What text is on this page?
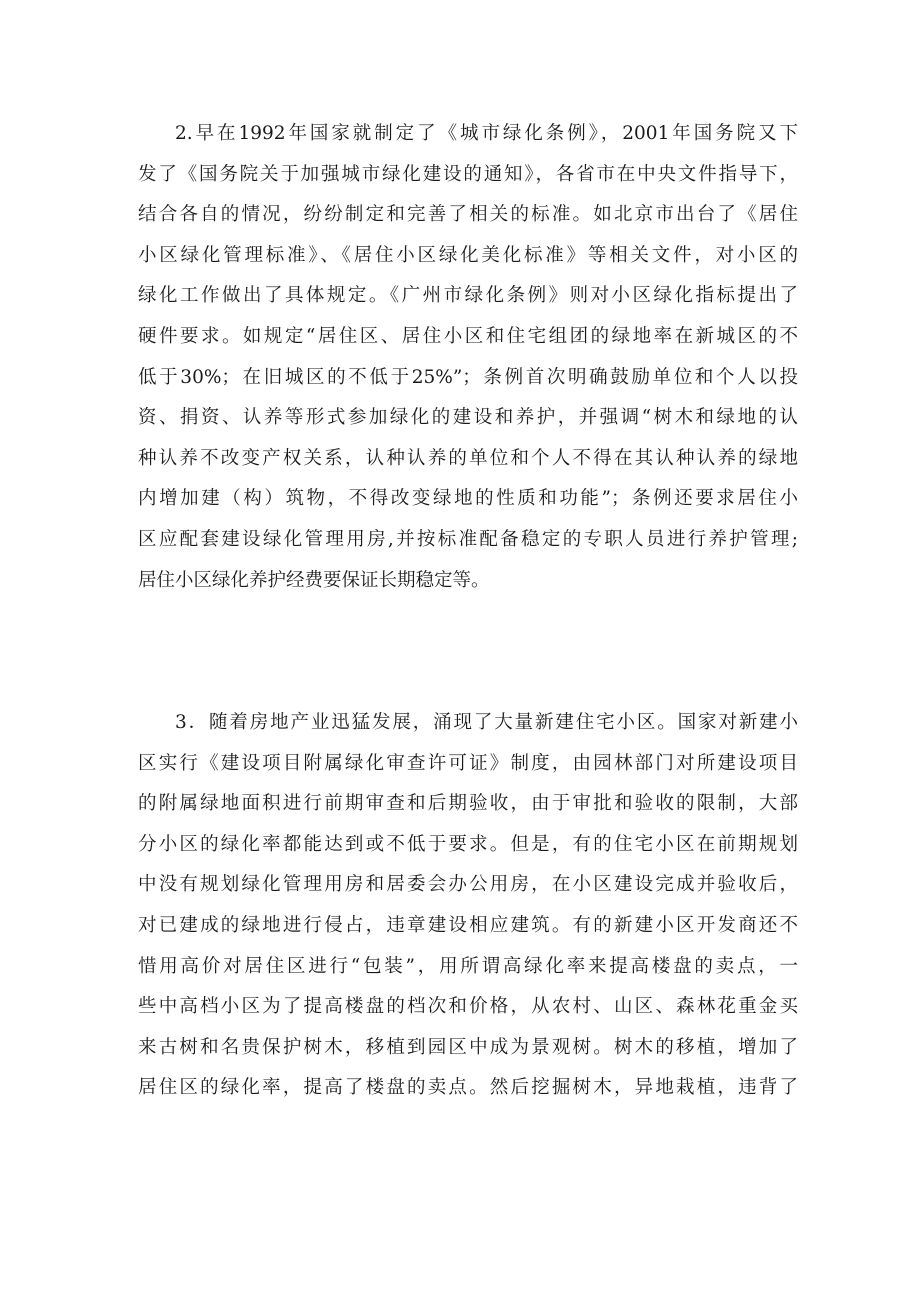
2.早在1992年国家就制定了《城市绿化条例》，2001年国务院又下
发了《国务院关于加强城市绿化建设的通知》，各省市在中央文件指导下，
结合各自的情况，纷纷制定和完善了相关的标准。如北京市出台了《居住
小区绿化管理标准》、《居住小区绿化美化标准》等相关文件，对小区的
绿化工作做出了具体规定。《广州市绿化条例》则对小区绿化指标提出了
硬件要求。如规定“居住区、居住小区和住宅组团的绿地率在新城区的不
低于30%；在旧城区的不低于25%”；条例首次明确鼓励单位和个人以投
资、捐资、认养等形式参加绿化的建设和养护，并强调“树木和绿地的认
种认养不改变产权关系，认种认养的单位和个人不得在其认种认养的绿地
内增加建（构）筑物，不得改变绿地的性质和功能”；条例还要求居住小
区应配套建设绿化管理用房,并按标准配备稳定的专职人员进行养护管理;
居住小区绿化养护经费要保证长期稳定等。

3．随着房地产业迅猛发展，涌现了大量新建住宅小区。国家对新建小
区实行《建设项目附属绿化审查许可证》制度，由园林部门对所建设项目
的附属绿地面积进行前期审查和后期验收，由于审批和验收的限制，大部
分小区的绿化率都能达到或不低于要求。但是，有的住宅小区在前期规划
中没有规划绿化管理用房和居委会办公用房，在小区建设完成并验收后，
对已建成的绿地进行侵占，违章建设相应建筑。有的新建小区开发商还不
惜用高价对居住区进行“包装”，用所谓高绿化率来提高楼盘的卖点，一
些中高档小区为了提高楼盘的档次和价格，从农村、山区、森林花重金买
来古树和名贵保护树木，移植到园区中成为景观树。树木的移植，增加了
居住区的绿化率，提高了楼盘的卖点。然后挖掘树木，异地栽植，违背了
